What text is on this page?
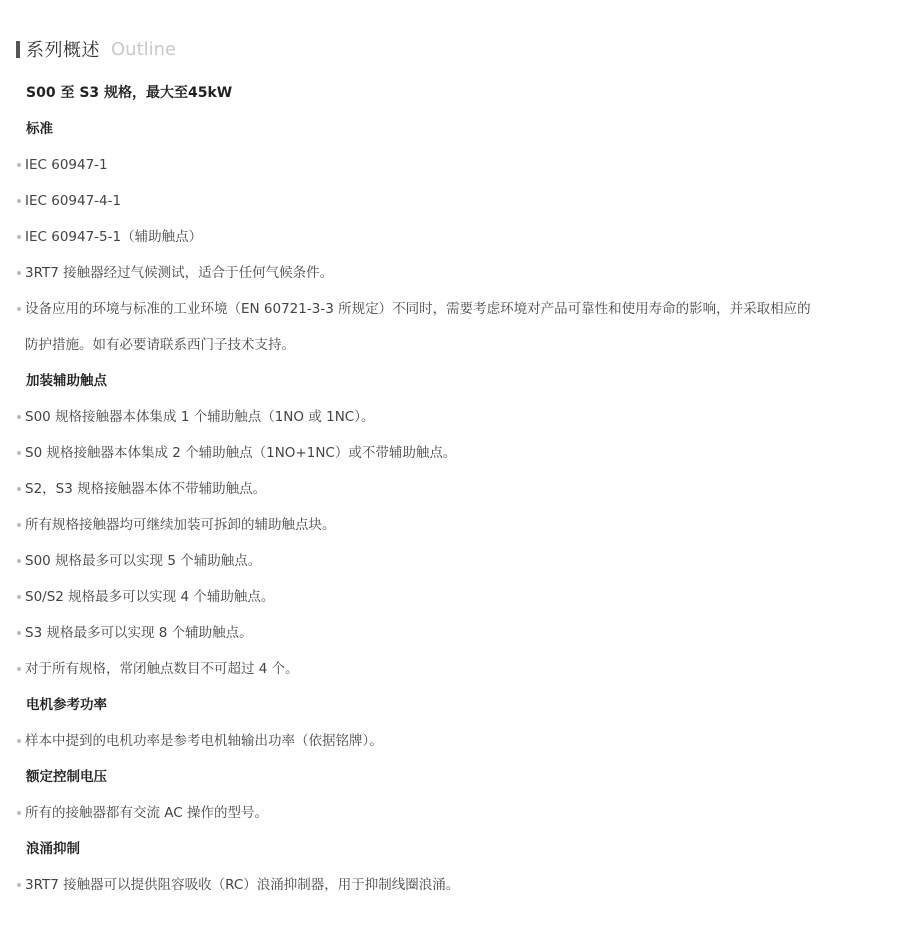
系列概述 Outline
S00 至 S3 规格，最大至45kW
标准
IEC 60947-1
IEC 60947-4-1
IEC 60947-5-1（辅助触点）
3RT7 接触器经过气候测试，适合于任何气候条件。
设备应用的环境与标准的工业环境（EN 60721-3-3 所规定）不同时，需要考虑环境对产品可靠性和使用寿命的影响，并采取相应的
防护措施。如有必要请联系西门子技术支持。
加装辅助触点
S00 规格接触器本体集成 1 个辅助触点（1NO 或 1NC）。
S0 规格接触器本体集成 2 个辅助触点（1NO+1NC）或不带辅助触点。
S2，S3 规格接触器本体不带辅助触点。
所有规格接触器均可继续加装可拆卸的辅助触点块。
S00 规格最多可以实现 5 个辅助触点。
S0/S2 规格最多可以实现 4 个辅助触点。
S3 规格最多可以实现 8 个辅助触点。
对于所有规格，常闭触点数目不可超过 4 个。
电机参考功率
样本中提到的电机功率是参考电机轴输出功率（依据铭牌）。
额定控制电压
所有的接触器都有交流 AC 操作的型号。
浪涌抑制
3RT7 接触器可以提供阻容吸收（RC）浪涌抑制器，用于抑制线圈浪涌。
